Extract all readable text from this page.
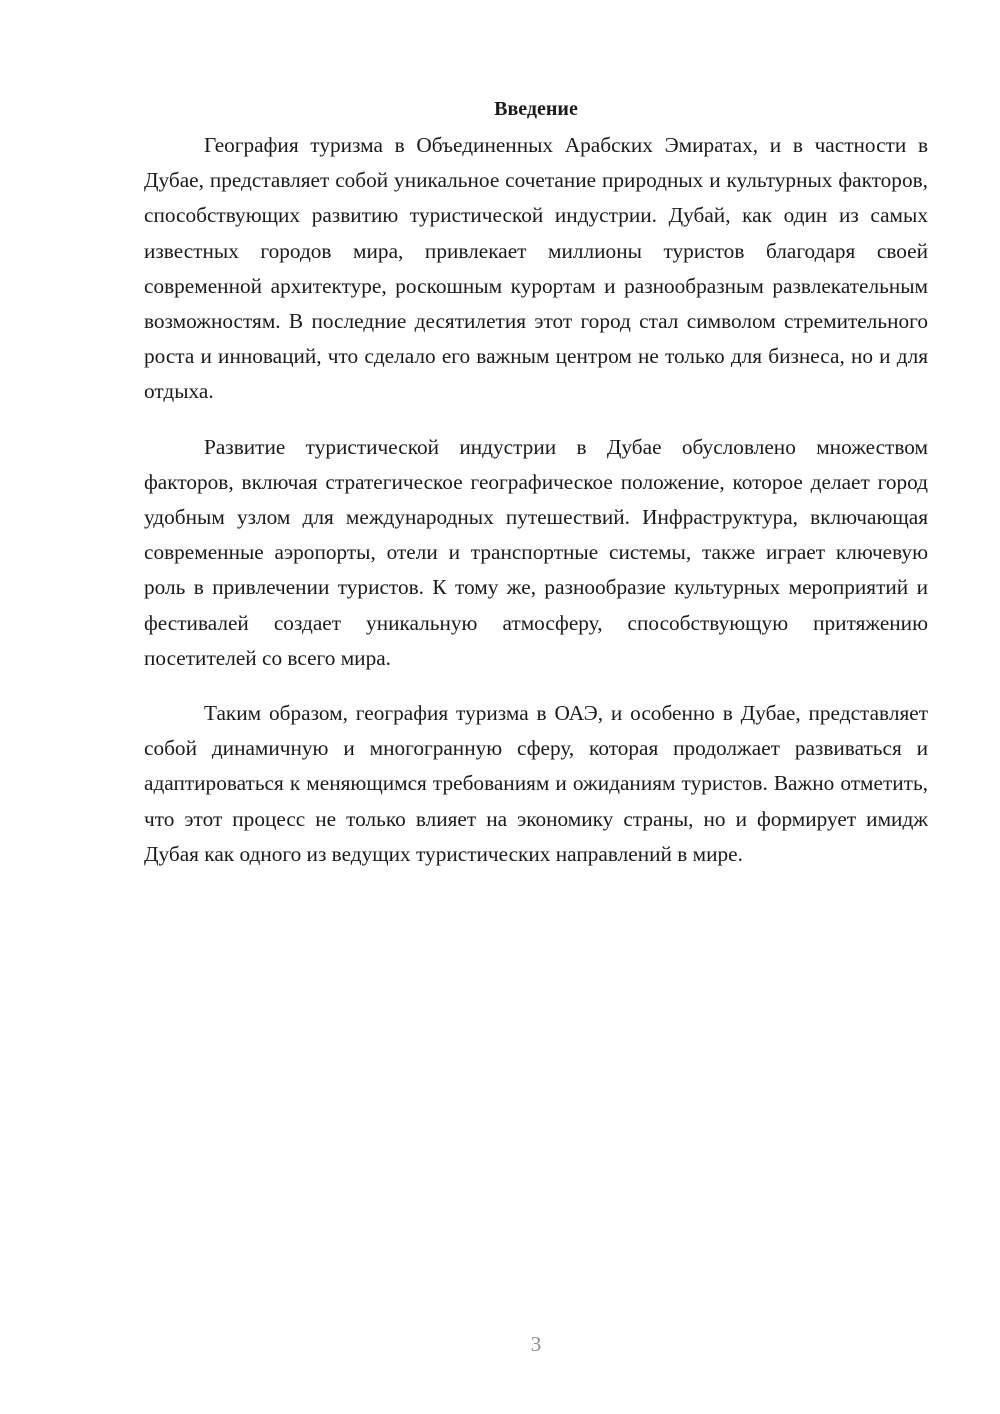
Введение

География туризма в Объединенных Арабских Эмиратах, и в частности в Дубае, представляет собой уникальное сочетание природных и культурных факторов, способствующих развитию туристической индустрии. Дубай, как один из самых известных городов мира, привлекает миллионы туристов благодаря своей современной архитектуре, роскошным курортам и разнообразным развлекательным возможностям. В последние десятилетия этот город стал символом стремительного роста и инноваций, что сделало его важным центром не только для бизнеса, но и для отдыха.

Развитие туристической индустрии в Дубае обусловлено множеством факторов, включая стратегическое географическое положение, которое делает город удобным узлом для международных путешествий. Инфраструктура, включающая современные аэропорты, отели и транспортные системы, также играет ключевую роль в привлечении туристов. К тому же, разнообразие культурных мероприятий и фестивалей создает уникальную атмосферу, способствующую притяжению посетителей со всего мира.

Таким образом, география туризма в ОАЭ, и особенно в Дубае, представляет собой динамичную и многогранную сферу, которая продолжает развиваться и адаптироваться к меняющимся требованиям и ожиданиям туристов. Важно отметить, что этот процесс не только влияет на экономику страны, но и формирует имидж Дубая как одного из ведущих туристических направлений в мире.

3
